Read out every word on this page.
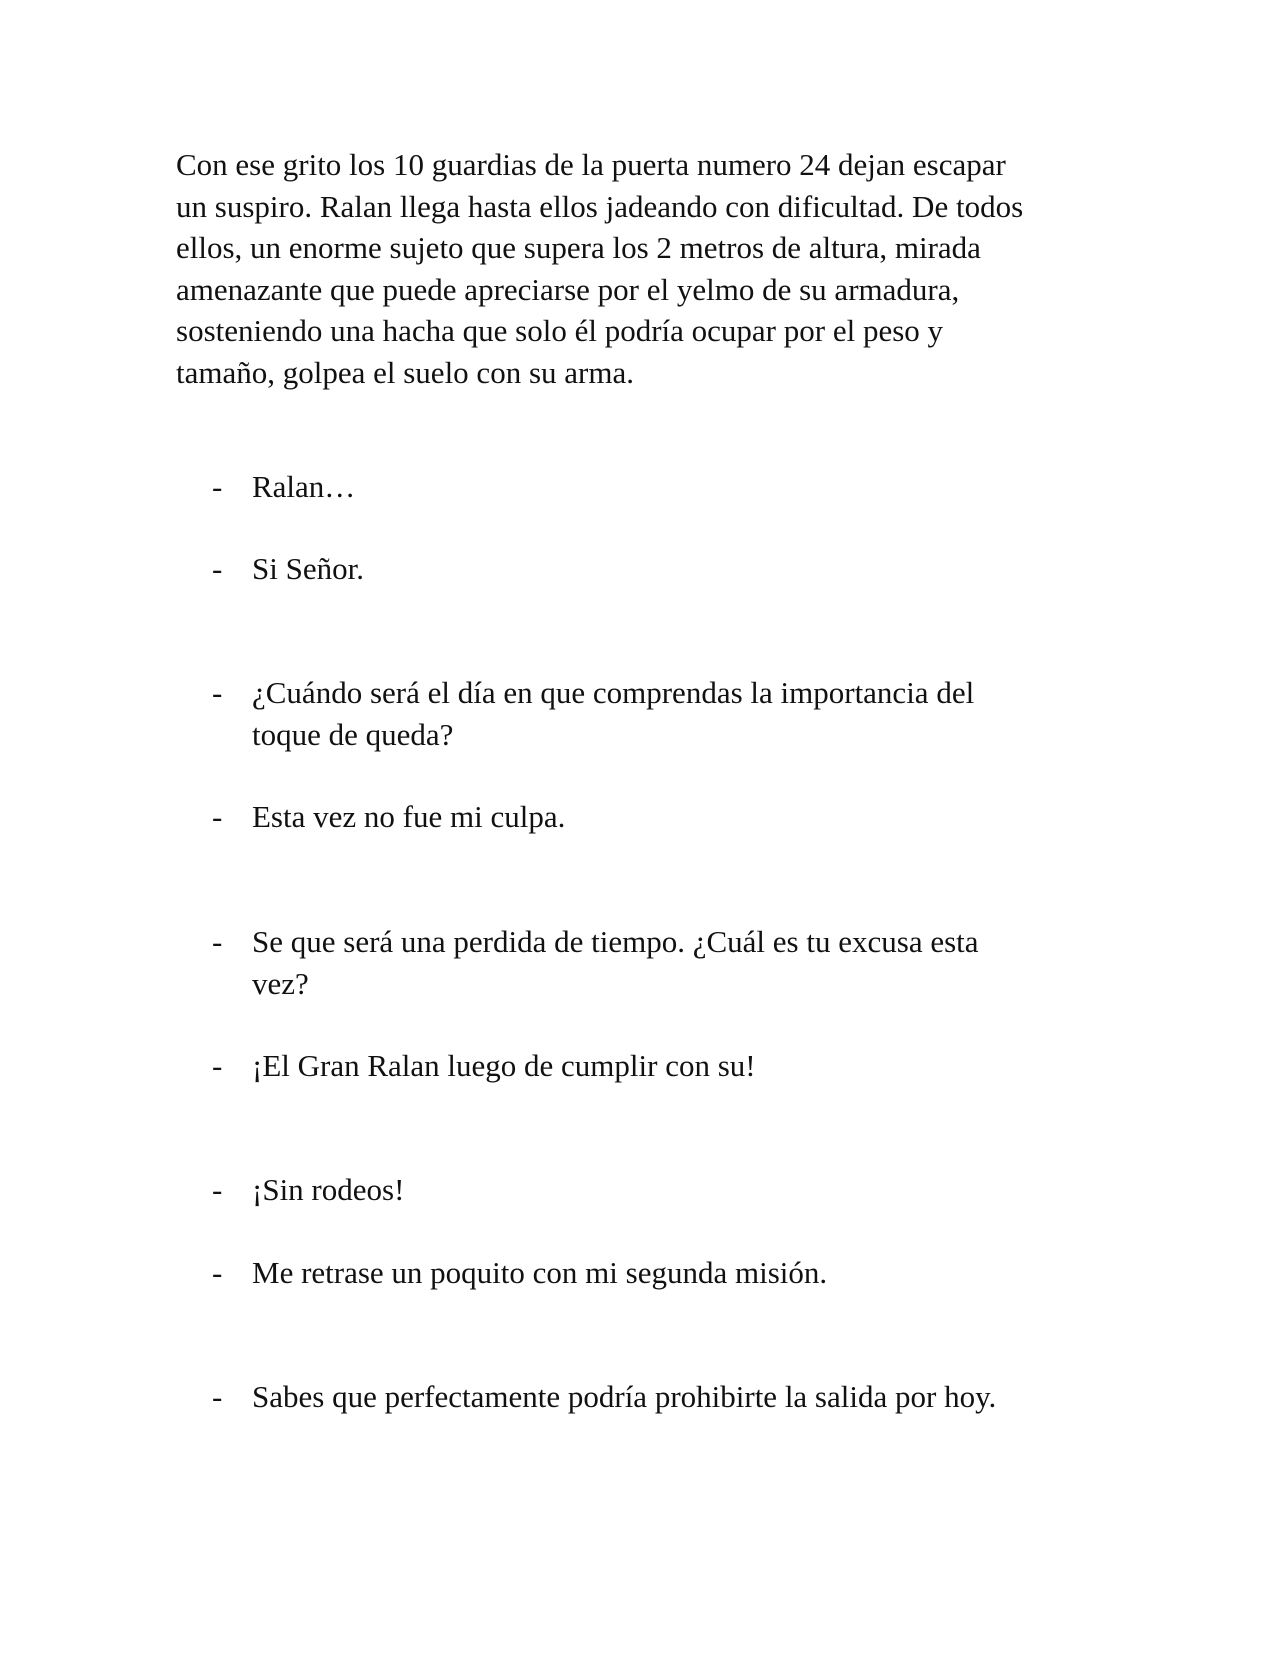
Con ese grito los 10 guardias de la puerta numero 24 dejan escapar
un suspiro. Ralan llega hasta ellos jadeando con dificultad. De todos
ellos, un enorme sujeto que supera los 2 metros de altura, mirada
amenazante que puede apreciarse por el yelmo de su armadura,
sosteniendo una hacha que solo él podría ocupar por el peso y
tamaño, golpea el suelo con su arma.

- Ralan…
- Si Señor.
- ¿Cuándo será el día en que comprendas la importancia del
toque de queda?
- Esta vez no fue mi culpa.
- Se que será una perdida de tiempo. ¿Cuál es tu excusa esta
vez?
- ¡El Gran Ralan luego de cumplir con su!
- ¡Sin rodeos!
- Me retrase un poquito con mi segunda misión.
- Sabes que perfectamente podría prohibirte la salida por hoy.
